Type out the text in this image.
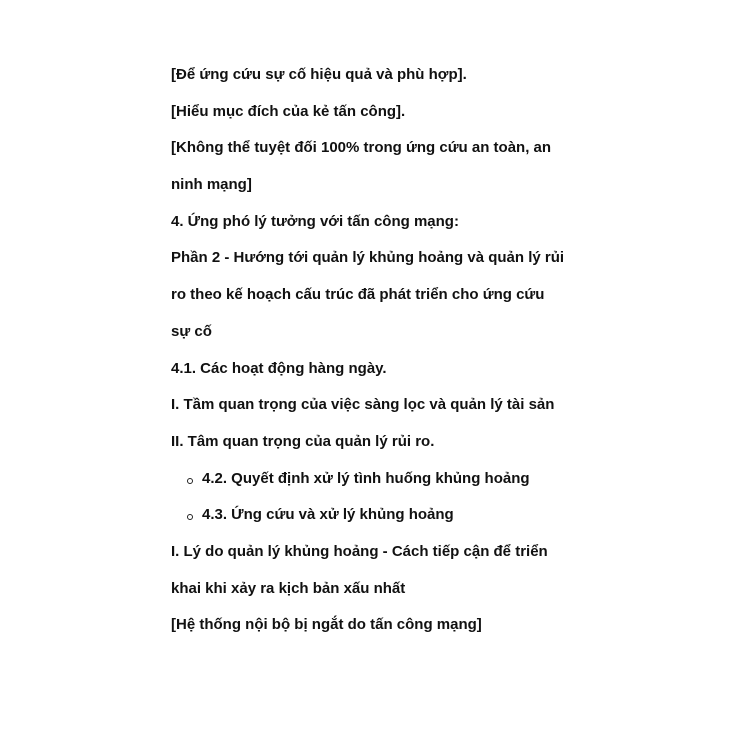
[Để ứng cứu sự cố hiệu quả và phù hợp].
[Hiểu mục đích của kẻ tấn công].
[Không thể tuyệt đối 100% trong ứng cứu an toàn, an
ninh mạng]
4. Ứng phó lý tưởng với tấn công mạng:
Phần 2 - Hướng tới quản lý khủng hoảng và quản lý rủi
ro theo kế hoạch cấu trúc đã phát triển cho ứng cứu
sự cố
4.1. Các hoạt động hàng ngày.
I. Tầm quan trọng của việc sàng lọc và quản lý tài sản
II. Tâm quan trọng của quản lý rủi ro.
4.2. Quyết định xử lý tình huống khủng hoảng
4.3. Ứng cứu và xử lý khủng hoảng
I. Lý do quản lý khủng hoảng - Cách tiếp cận để triển
khai khi xảy ra kịch bản xấu nhất
[Hệ thống nội bộ bị ngắt do tấn công mạng]
